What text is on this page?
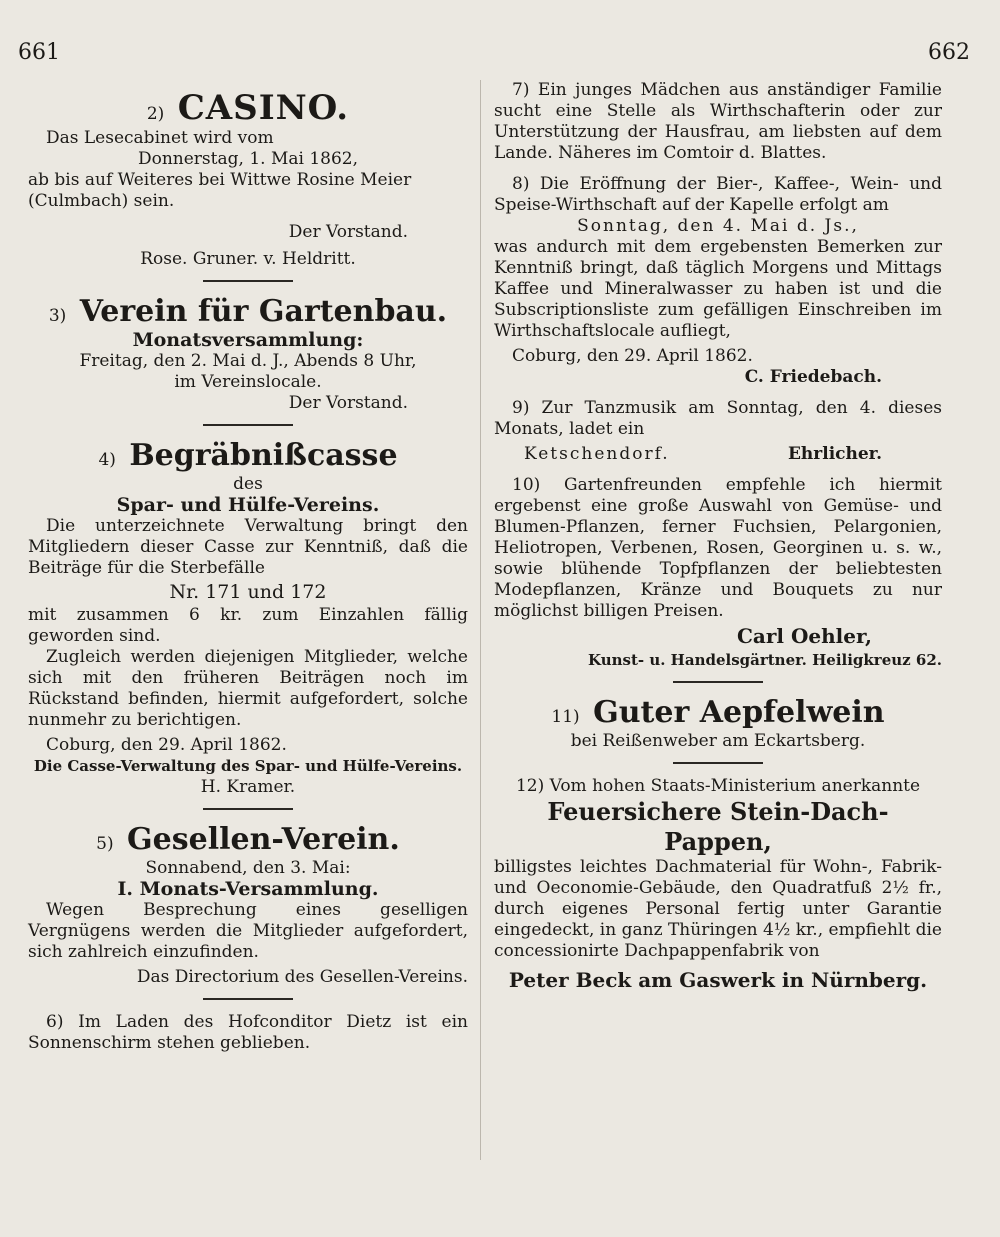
661	662

2) CASINO.

Das Lesecabinet wird vom

Donnerstag, 1. Mai 1862,

ab bis auf Weiteres bei Wittwe Rosine Meier

(Culmbach) sein.

Der Vorstand.

Rose. Gruner. v. Heldritt.

3) Verein für Gartenbau.

Monatsversammlung:

Freitag, den 2. Mai d. J., Abends 8 Uhr,

im Vereinslocale.

Der Vorstand.

4) Begräbnißcasse

des

Spar- und Hülfe-Vereins.

Die unterzeichnete Verwaltung bringt den Mitgliedern dieser Casse zur Kenntniß, daß die Beiträge für die Sterbefälle

Nr. 171 und 172

mit zusammen 6 kr. zum Einzahlen fällig geworden sind.

Zugleich werden diejenigen Mitglieder, welche sich mit den früheren Beiträgen noch im Rückstand befinden, hiermit aufgefordert, solche nunmehr zu berichtigen.

Coburg, den 29. April 1862.

Die Casse-Verwaltung des Spar- und Hülfe-Vereins.

H. Kramer.

5) Gesellen-Verein.

Sonnabend, den 3. Mai:

I. Monats-Versammlung.

Wegen Besprechung eines geselligen Vergnügens werden die Mitglieder aufgefordert, sich zahlreich einzufinden.

Das Directorium des Gesellen-Vereins.

6) Im Laden des Hofconditor Dietz ist ein Sonnenschirm stehen geblieben.

7) Ein junges Mädchen aus anständiger Familie sucht eine Stelle als Wirthschafterin oder zur Unterstützung der Hausfrau, am liebsten auf dem Lande. Näheres im Comtoir d. Blattes.

8) Die Eröffnung der Bier-, Kaffee-, Wein- und Speise-Wirthschaft auf der Kapelle erfolgt am

Sonntag, den 4. Mai d. Js.,

was andurch mit dem ergebensten Bemerken zur Kenntniß bringt, daß täglich Morgens und Mittags Kaffee und Mineralwasser zu haben ist und die Subscriptionsliste zum gefälligen Einschreiben im Wirthschaftslocale aufliegt,

Coburg, den 29. April 1862.

C. Friedebach.

9) Zur Tanzmusik am Sonntag, den 4. dieses Monats, ladet ein

Ketschendorf.	Ehrlicher.

10) Gartenfreunden empfehle ich hiermit ergebenst eine große Auswahl von Gemüse- und Blumen-Pflanzen, ferner Fuchsien, Pelargonien, Heliotropen, Verbenen, Rosen, Georginen u. s. w., sowie blühende Topfpflanzen der beliebtesten Modepflanzen, Kränze und Bouquets zu nur möglichst billigen Preisen.

Carl Oehler,

Kunst- u. Handelsgärtner. Heiligkreuz 62.

11) Guter Aepfelwein

bei Reißenweber am Eckartsberg.

12) Vom hohen Staats-Ministerium anerkannte

Feuersichere Stein-Dach-Pappen,

billigstes leichtes Dachmaterial für Wohn-, Fabrik- und Oeconomie-Gebäude, den Quadratfuß 2½ fr., durch eigenes Personal fertig unter Garantie eingedeckt, in ganz Thüringen 4½ kr., empfiehlt die concessionirte Dachpappenfabrik von

Peter Beck am Gaswerk in Nürnberg.
